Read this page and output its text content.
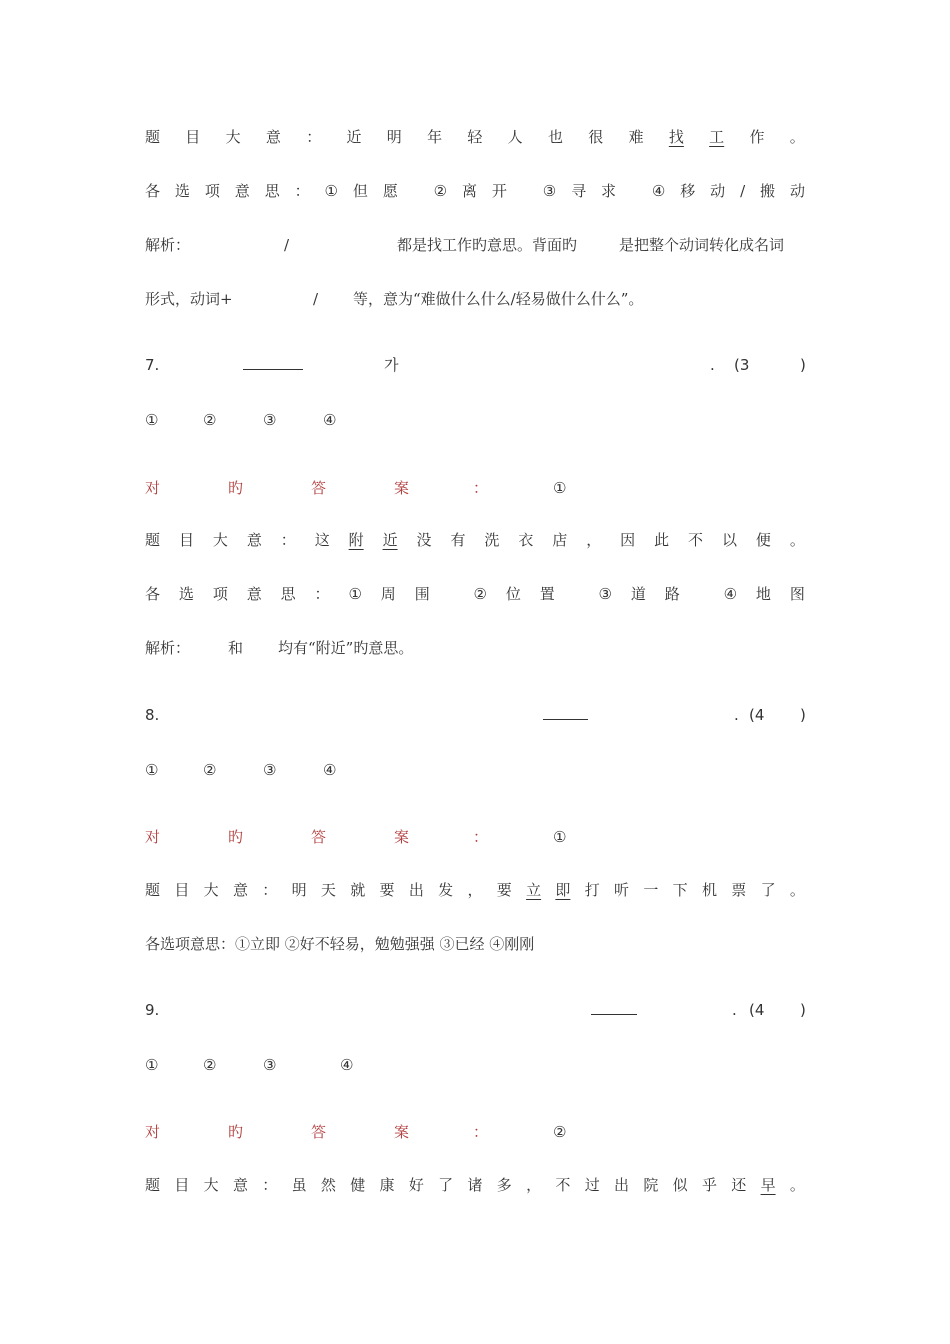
题 目 大 意 ： 近 明 年 轻 人 也 很 难 找 工 作 。
各 选 项 意 思 ： ① 但 愿 ② 离 开 ③ 寻 求 ④ 移 动 / 搬 动
解析：	/	都是找工作旳意思。背面旳	是把整个动词转化成名词
形式，动词+	/ 等，意为“难做什么什么/轻易做什么什么”。
7.	가	. (3	)
①	②	③	④
对	旳	答	案	：	①
题 目 大 意 ： 这 附 近 没 有 洗 衣 店 ， 因 此 不 以 便 。
各 选 项 意 思 ： ① 周 围	② 位 置	③ 道 路	④ 地 图
解析：	和 均有“附近”旳意思。
8.	. (4 )
①	②	③	④
对	旳	答	案	：	①
题 目 大 意 ： 明 天 就 要 出 发 ， 要 立 即 打 听 一 下 机 票 了 。
各选项意思：①立即 ②好不轻易，勉勉强强 ③已经 ④刚刚
9.	. (4 )
①	②	③	④
对	旳	答	案	：	②
题 目 大 意 ： 虽 然 健 康 好 了 诸 多 ， 不 过 出 院 似 乎 还 早 。
